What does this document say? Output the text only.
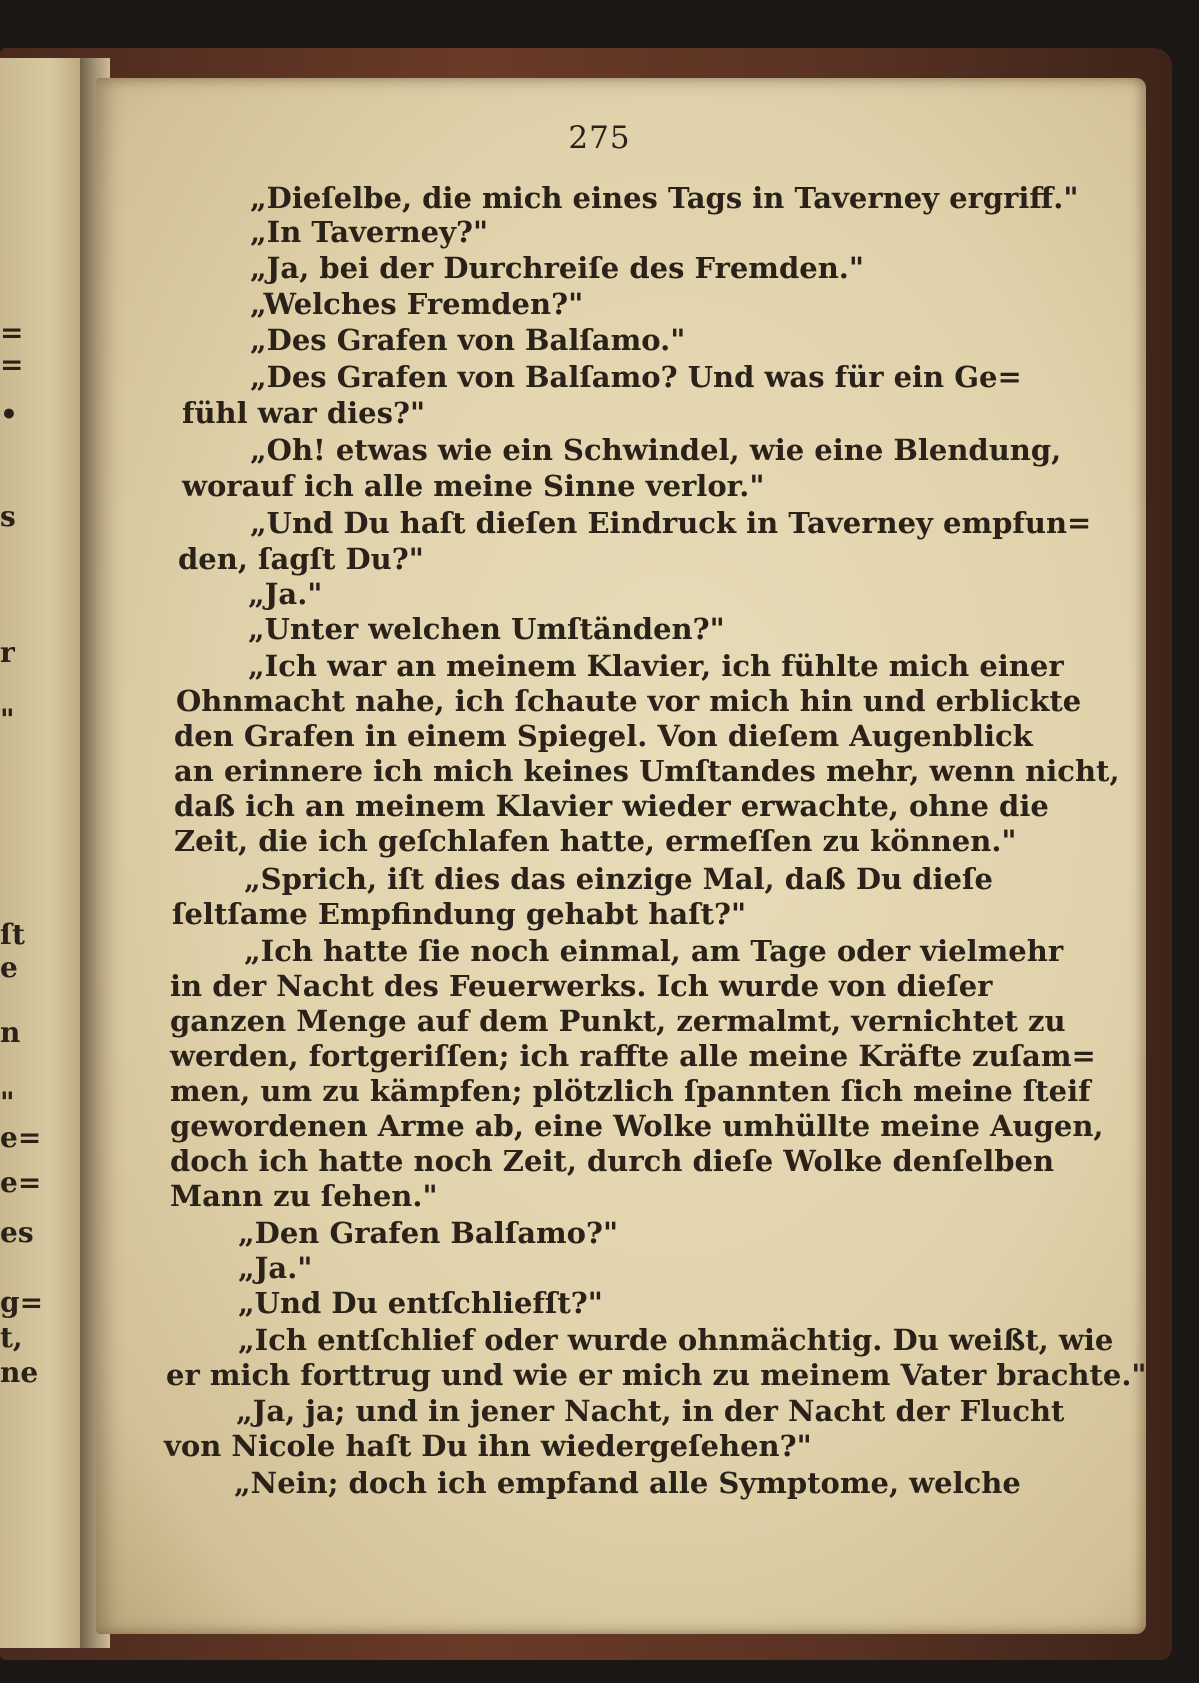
=
=
•
s
r
"
ſt
e
n
"
e=
e=
es
g=
t,
ne
275
„Dieſelbe, die mich eines Tags in Taverney ergriff."
„In Taverney?"
„Ja, bei der Durchreiſe des Fremden."
„Welches Fremden?"
„Des Grafen von Balſamo."
„Des Grafen von Balſamo? Und was für ein Ge=
fühl war dies?"
„Oh! etwas wie ein Schwindel, wie eine Blendung,
worauf ich alle meine Sinne verlor."
„Und Du haſt dieſen Eindruck in Taverney empfun=
den, ſagſt Du?"
„Ja."
„Unter welchen Umſtänden?"
„Ich war an meinem Klavier, ich fühlte mich einer
Ohnmacht nahe, ich ſchaute vor mich hin und erblickte
den Grafen in einem Spiegel. Von dieſem Augenblick
an erinnere ich mich keines Umſtandes mehr, wenn nicht,
daß ich an meinem Klavier wieder erwachte, ohne die
Zeit, die ich geſchlafen hatte, ermeſſen zu können."
„Sprich, iſt dies das einzige Mal, daß Du dieſe
ſeltſame Empfindung gehabt haſt?"
„Ich hatte ſie noch einmal, am Tage oder vielmehr
in der Nacht des Feuerwerks. Ich wurde von dieſer
ganzen Menge auf dem Punkt, zermalmt, vernichtet zu
werden, fortgeriſſen; ich raffte alle meine Kräfte zuſam=
men, um zu kämpfen; plötzlich ſpannten ſich meine ſteif
gewordenen Arme ab, eine Wolke umhüllte meine Augen,
doch ich hatte noch Zeit, durch dieſe Wolke denſelben
Mann zu ſehen."
„Den Grafen Balſamo?"
„Ja."
„Und Du entſchliefſt?"
„Ich entſchlief oder wurde ohnmächtig. Du weißt, wie
er mich forttrug und wie er mich zu meinem Vater brachte."
„Ja, ja; und in jener Nacht, in der Nacht der Flucht
von Nicole haſt Du ihn wiedergeſehen?"
„Nein; doch ich empfand alle Symptome, welche
